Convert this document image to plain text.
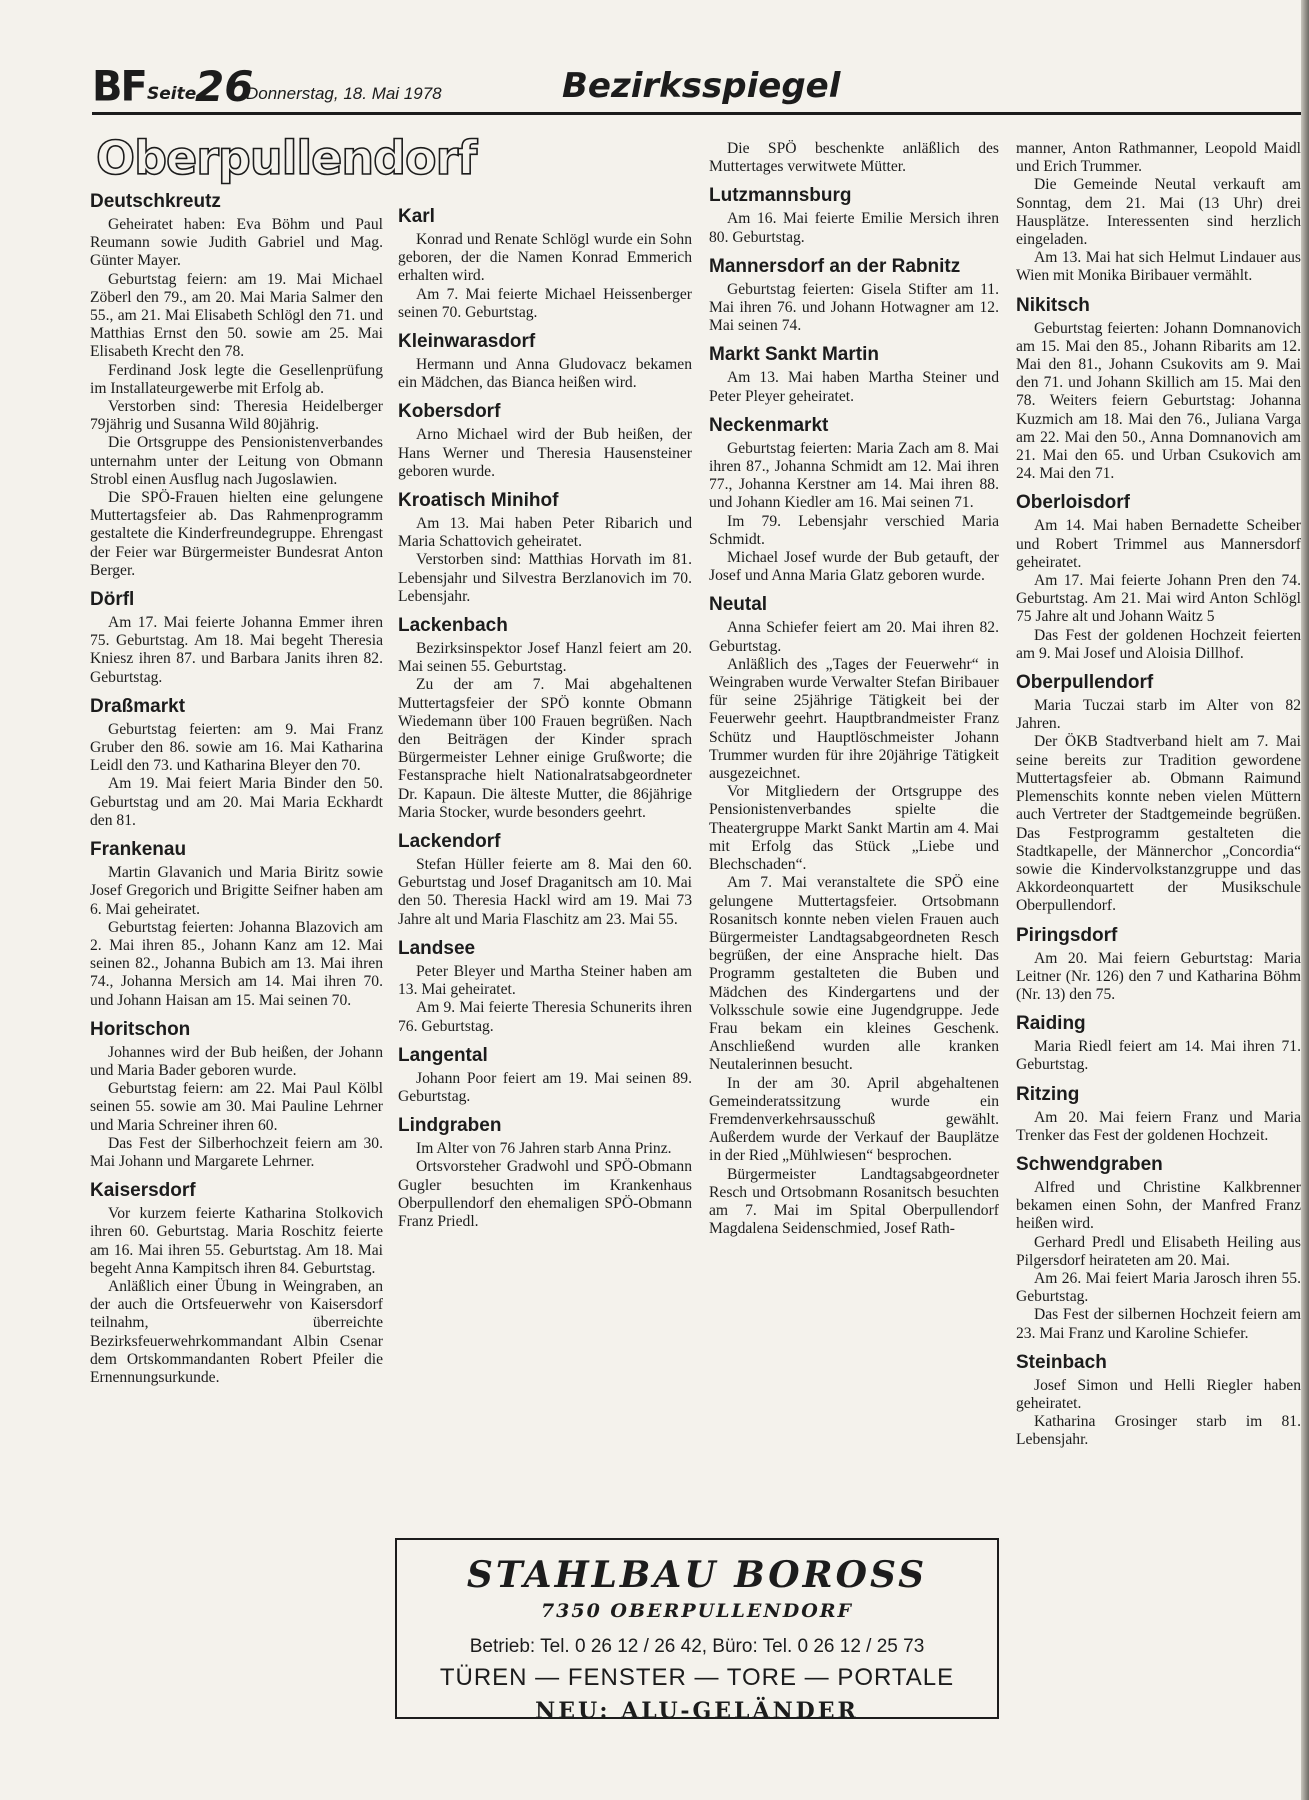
BF Seite
26
Donnerstag, 18. Mai 1978	Bezirksspiegel
Oberpullendorf
Deutschkreutz

Geheiratet haben: Eva Böhm und Paul Reumann sowie Judith Gabriel und Mag. Günter Mayer.

Geburtstag feiern: am 19. Mai Michael Zöberl den 79., am 20. Mai Maria Salmer den 55., am 21. Mai Elisabeth Schlögl den 71. und Matthias Ernst den 50. sowie am 25. Mai Elisabeth Krecht den 78.

Ferdinand Josk legte die Gesellenprüfung im Installateurgewerbe mit Erfolg ab.

Verstorben sind: Theresia Heidelberger 79jährig und Susanna Wild 80jährig.

Die Ortsgruppe des Pensionistenverbandes unternahm unter der Leitung von Obmann Strobl einen Ausflug nach Jugoslawien.

Die SPÖ-Frauen hielten eine gelungene Muttertagsfeier ab. Das Rahmenprogramm gestaltete die Kinderfreundegruppe. Ehrengast der Feier war Bürgermeister Bundesrat Anton Berger.

Dörfl

Am 17. Mai feierte Johanna Emmer ihren 75. Geburtstag. Am 18. Mai begeht Theresia Kniesz ihren 87. und Barbara Janits ihren 82. Geburtstag.

Draßmarkt

Geburtstag feierten: am 9. Mai Franz Gruber den 86. sowie am 16. Mai Katharina Leidl den 73. und Katharina Bleyer den 70.

Am 19. Mai feiert Maria Binder den 50. Geburtstag und am 20. Mai Maria Eckhardt den 81.

Frankenau

Martin Glavanich und Maria Biritz sowie Josef Gregorich und Brigitte Seifner haben am 6. Mai geheiratet.

Geburtstag feierten: Johanna Blazovich am 2. Mai ihren 85., Johann Kanz am 12. Mai seinen 82., Johanna Bubich am 13. Mai ihren 74., Johanna Mersich am 14. Mai ihren 70. und Johann Haisan am 15. Mai seinen 70.

Horitschon

Johannes wird der Bub heißen, der Johann und Maria Bader geboren wurde.

Geburtstag feiern: am 22. Mai Paul Kölbl seinen 55. sowie am 30. Mai Pauline Lehrner und Maria Schreiner ihren 60.

Das Fest der Silberhochzeit feiern am 30. Mai Johann und Margarete Lehrner.

Kaisersdorf

Vor kurzem feierte Katharina Stolkovich ihren 60. Geburtstag. Maria Roschitz feierte am 16. Mai ihren 55. Geburtstag. Am 18. Mai begeht Anna Kampitsch ihren 84. Geburtstag.

Anläßlich einer Übung in Weingraben, an der auch die Ortsfeuerwehr von Kaisersdorf teilnahm, überreichte Bezirksfeuerwehrkommandant Albin Csenar dem Ortskommandanten Robert Pfeiler die Ernennungsurkunde.

Karl

Konrad und Renate Schlögl wurde ein Sohn geboren, der die Namen Konrad Emmerich erhalten wird.

Am 7. Mai feierte Michael Heissenberger seinen 70. Geburtstag.

Kleinwarasdorf

Hermann und Anna Gludovacz bekamen ein Mädchen, das Bianca heißen wird.

Kobersdorf

Arno Michael wird der Bub heißen, der Hans Werner und Theresia Hausensteiner geboren wurde.

Kroatisch Minihof

Am 13. Mai haben Peter Ribarich und Maria Schattovich geheiratet.

Verstorben sind: Matthias Horvath im 81. Lebensjahr und Silvestra Berzlanovich im 70. Lebensjahr.

Lackenbach

Bezirksinspektor Josef Hanzl feiert am 20. Mai seinen 55. Geburtstag.

Zu der am 7. Mai abgehaltenen Muttertagsfeier der SPÖ konnte Obmann Wiedemann über 100 Frauen begrüßen. Nach den Beiträgen der Kinder sprach Bürgermeister Lehner einige Grußworte; die Festansprache hielt Nationalratsabgeordneter Dr. Kapaun. Die älteste Mutter, die 86jährige Maria Stocker, wurde besonders geehrt.

Lackendorf

Stefan Hüller feierte am 8. Mai den 60. Geburtstag und Josef Draganitsch am 10. Mai den 50. Theresia Hackl wird am 19. Mai 73 Jahre alt und Maria Flaschitz am 23. Mai 55.

Landsee

Peter Bleyer und Martha Steiner haben am 13. Mai geheiratet.

Am 9. Mai feierte Theresia Schunerits ihren 76. Geburtstag.

Langental

Johann Poor feiert am 19. Mai seinen 89. Geburtstag.

Lindgraben

Im Alter von 76 Jahren starb Anna Prinz.

Ortsvorsteher Gradwohl und SPÖ-Obmann Gugler besuchten im Krankenhaus Oberpullendorf den ehemaligen SPÖ-Obmann Franz Priedl.

Die SPÖ beschenkte anläßlich des Muttertages verwitwete Mütter.

Lutzmannsburg

Am 16. Mai feierte Emilie Mersich ihren 80. Geburtstag.

Mannersdorf an der Rabnitz

Geburtstag feierten: Gisela Stifter am 11. Mai ihren 76. und Johann Hotwagner am 12. Mai seinen 74.

Markt Sankt Martin

Am 13. Mai haben Martha Steiner und Peter Pleyer geheiratet.

Neckenmarkt

Geburtstag feierten: Maria Zach am 8. Mai ihren 87., Johanna Schmidt am 12. Mai ihren 77., Johanna Kerstner am 14. Mai ihren 88. und Johann Kiedler am 16. Mai seinen 71.

Im 79. Lebensjahr verschied Maria Schmidt.

Michael Josef wurde der Bub getauft, der Josef und Anna Maria Glatz geboren wurde.

Neutal

Anna Schiefer feiert am 20. Mai ihren 82. Geburtstag.

Anläßlich des „Tages der Feuerwehr“ in Weingraben wurde Verwalter Stefan Biribauer für seine 25jährige Tätigkeit bei der Feuerwehr geehrt. Hauptbrandmeister Franz Schütz und Hauptlöschmeister Johann Trummer wurden für ihre 20jährige Tätigkeit ausgezeichnet.

Vor Mitgliedern der Ortsgruppe des Pensionistenverbandes spielte die Theatergruppe Markt Sankt Martin am 4. Mai mit Erfolg das Stück „Liebe und Blechschaden“.

Am 7. Mai veranstaltete die SPÖ eine gelungene Muttertagsfeier. Ortsobmann Rosanitsch konnte neben vielen Frauen auch Bürgermeister Landtagsabgeordneten Resch begrüßen, der eine Ansprache hielt. Das Programm gestalteten die Buben und Mädchen des Kindergartens und der Volksschule sowie eine Jugendgruppe. Jede Frau bekam ein kleines Geschenk. Anschließend wurden alle kranken Neutalerinnen besucht.

In der am 30. April abgehaltenen Gemeinderatssitzung wurde ein Fremdenverkehrsausschuß gewählt. Außerdem wurde der Verkauf der Bauplätze in der Ried „Mühlwiesen“ besprochen.

Bürgermeister Landtagsabgeordneter Resch und Ortsobmann Rosanitsch besuchten am 7. Mai im Spital Oberpullendorf Magdalena Seidenschmied, Josef Rath-

manner, Anton Rathmanner, Leopold Maidl und Erich Trummer.

Die Gemeinde Neutal verkauft am Sonntag, dem 21. Mai (13 Uhr) drei Hausplätze. Interessenten sind herzlich eingeladen.

Am 13. Mai hat sich Helmut Lindauer aus Wien mit Monika Biribauer vermählt.

Nikitsch

Geburtstag feierten: Johann Domnanovich am 15. Mai den 85., Johann Ribarits am 12. Mai den 81., Johann Csukovits am 9. Mai den 71. und Johann Skillich am 15. Mai den 78. Weiters feiern Geburtstag: Johanna Kuzmich am 18. Mai den 76., Juliana Varga am 22. Mai den 50., Anna Domnanovich am 21. Mai den 65. und Urban Csukovich am 24. Mai den 71.

Oberloisdorf

Am 14. Mai haben Bernadette Scheiber und Robert Trimmel aus Mannersdorf geheiratet.

Am 17. Mai feierte Johann Pren den 74. Geburtstag. Am 21. Mai wird Anton Schlögl 75 Jahre alt und Johann Waitz 5

Das Fest der goldenen Hochzeit feierten am 9. Mai Josef und Aloisia Dillhof.

Oberpullendorf

Maria Tuczai starb im Alter von 82 Jahren.

Der ÖKB Stadtverband hielt am 7. Mai seine bereits zur Tradition gewordene Muttertagsfeier ab. Obmann Raimund Plemenschits konnte neben vielen Müttern auch Vertreter der Stadtgemeinde begrüßen. Das Festprogramm gestalteten die Stadtkapelle, der Männerchor „Concordia“ sowie die Kindervolkstanzgruppe und das Akkordeonquartett der Musikschule Oberpullendorf.

Piringsdorf

Am 20. Mai feiern Geburtstag: Maria Leitner (Nr. 126) den 7 und Katharina Böhm (Nr. 13) den 75.

Raiding

Maria Riedl feiert am 14. Mai ihren 71. Geburtstag.

Ritzing

Am 20. Mai feiern Franz und Maria Trenker das Fest der goldenen Hochzeit.

Schwendgraben

Alfred und Christine Kalkbrenner bekamen einen Sohn, der Manfred Franz heißen wird.

Gerhard Predl und Elisabeth Heiling aus Pilgersdorf heirateten am 20. Mai.

Am 26. Mai feiert Maria Jarosch ihren 55. Geburtstag.

Das Fest der silbernen Hochzeit feiern am 23. Mai Franz und Karoline Schiefer.

Steinbach

Josef Simon und Helli Riegler haben geheiratet.

Katharina Grosinger starb im 81. Lebensjahr.

STAHLBAU BOROSS
7350 OBERPULLENDORF
Betrieb: Tel. 0 26 12 / 26 42, Büro: Tel. 0 26 12 / 25 73
TÜREN — FENSTER — TORE — PORTALE
NEU: ALU-GELÄNDER
